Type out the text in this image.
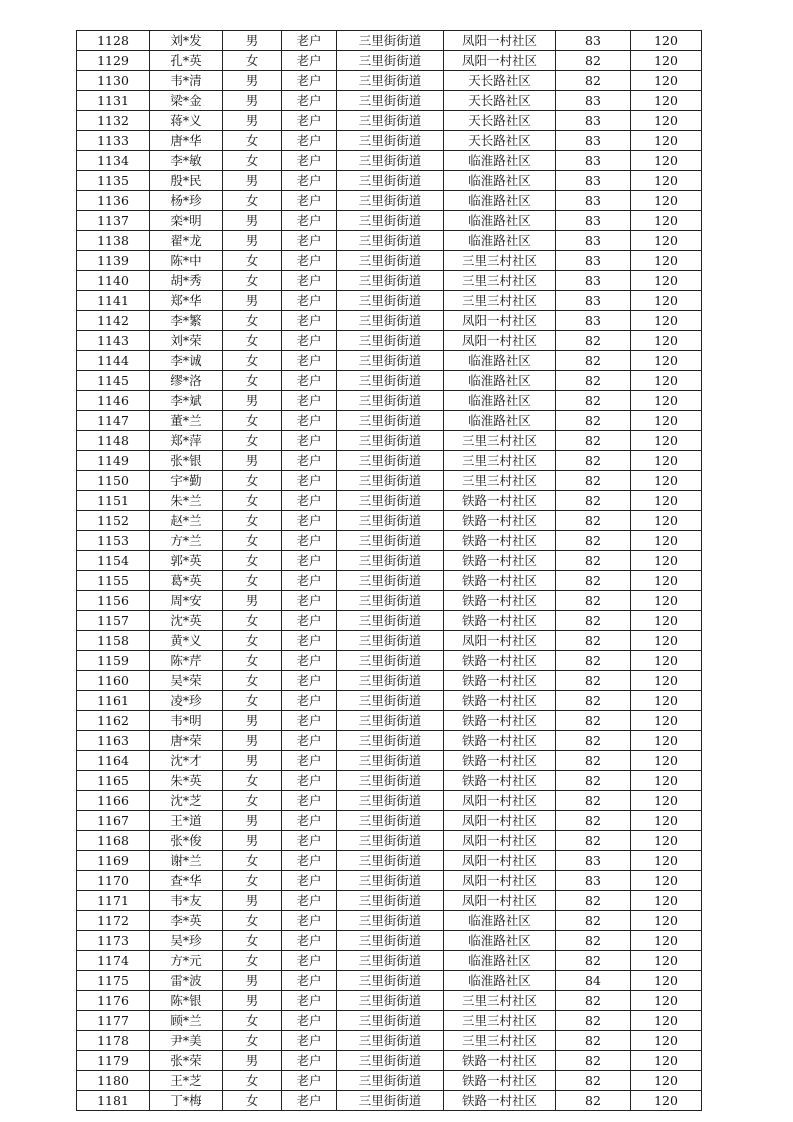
1128	刘*发	男	老户	三里街街道	凤阳一村社区	83	120
1129	孔*英	女	老户	三里街街道	凤阳一村社区	82	120
1130	韦*清	男	老户	三里街街道	天长路社区	82	120
1131	梁*金	男	老户	三里街街道	天长路社区	83	120
1132	蒋*义	男	老户	三里街街道	天长路社区	83	120
1133	唐*华	女	老户	三里街街道	天长路社区	83	120
1134	李*敏	女	老户	三里街街道	临淮路社区	83	120
1135	殷*民	男	老户	三里街街道	临淮路社区	83	120
1136	杨*珍	女	老户	三里街街道	临淮路社区	83	120
1137	栾*明	男	老户	三里街街道	临淮路社区	83	120
1138	翟*龙	男	老户	三里街街道	临淮路社区	83	120
1139	陈*中	女	老户	三里街街道	三里三村社区	83	120
1140	胡*秀	女	老户	三里街街道	三里三村社区	83	120
1141	郑*华	男	老户	三里街街道	三里三村社区	83	120
1142	李*繁	女	老户	三里街街道	凤阳一村社区	83	120
1143	刘*荣	女	老户	三里街街道	凤阳一村社区	82	120
1144	李*诚	女	老户	三里街街道	临淮路社区	82	120
1145	缪*洛	女	老户	三里街街道	临淮路社区	82	120
1146	李*斌	男	老户	三里街街道	临淮路社区	82	120
1147	董*兰	女	老户	三里街街道	临淮路社区	82	120
1148	郑*萍	女	老户	三里街街道	三里三村社区	82	120
1149	张*银	男	老户	三里街街道	三里三村社区	82	120
1150	宇*勤	女	老户	三里街街道	三里三村社区	82	120
1151	朱*兰	女	老户	三里街街道	铁路一村社区	82	120
1152	赵*兰	女	老户	三里街街道	铁路一村社区	82	120
1153	方*兰	女	老户	三里街街道	铁路一村社区	82	120
1154	郭*英	女	老户	三里街街道	铁路一村社区	82	120
1155	葛*英	女	老户	三里街街道	铁路一村社区	82	120
1156	周*安	男	老户	三里街街道	铁路一村社区	82	120
1157	沈*英	女	老户	三里街街道	铁路一村社区	82	120
1158	黄*义	女	老户	三里街街道	凤阳一村社区	82	120
1159	陈*芹	女	老户	三里街街道	铁路一村社区	82	120
1160	吴*荣	女	老户	三里街街道	铁路一村社区	82	120
1161	凌*珍	女	老户	三里街街道	铁路一村社区	82	120
1162	韦*明	男	老户	三里街街道	铁路一村社区	82	120
1163	唐*荣	男	老户	三里街街道	铁路一村社区	82	120
1164	沈*才	男	老户	三里街街道	铁路一村社区	82	120
1165	朱*英	女	老户	三里街街道	铁路一村社区	82	120
1166	沈*芝	女	老户	三里街街道	凤阳一村社区	82	120
1167	王*道	男	老户	三里街街道	凤阳一村社区	82	120
1168	张*俊	男	老户	三里街街道	凤阳一村社区	82	120
1169	谢*兰	女	老户	三里街街道	凤阳一村社区	83	120
1170	查*华	女	老户	三里街街道	凤阳一村社区	83	120
1171	韦*友	男	老户	三里街街道	凤阳一村社区	82	120
1172	李*英	女	老户	三里街街道	临淮路社区	82	120
1173	吴*珍	女	老户	三里街街道	临淮路社区	82	120
1174	方*元	女	老户	三里街街道	临淮路社区	82	120
1175	雷*波	男	老户	三里街街道	临淮路社区	84	120
1176	陈*银	男	老户	三里街街道	三里三村社区	82	120
1177	顾*兰	女	老户	三里街街道	三里三村社区	82	120
1178	尹*美	女	老户	三里街街道	三里三村社区	82	120
1179	张*荣	男	老户	三里街街道	铁路一村社区	82	120
1180	王*芝	女	老户	三里街街道	铁路一村社区	82	120
1181	丁*梅	女	老户	三里街街道	铁路一村社区	82	120
